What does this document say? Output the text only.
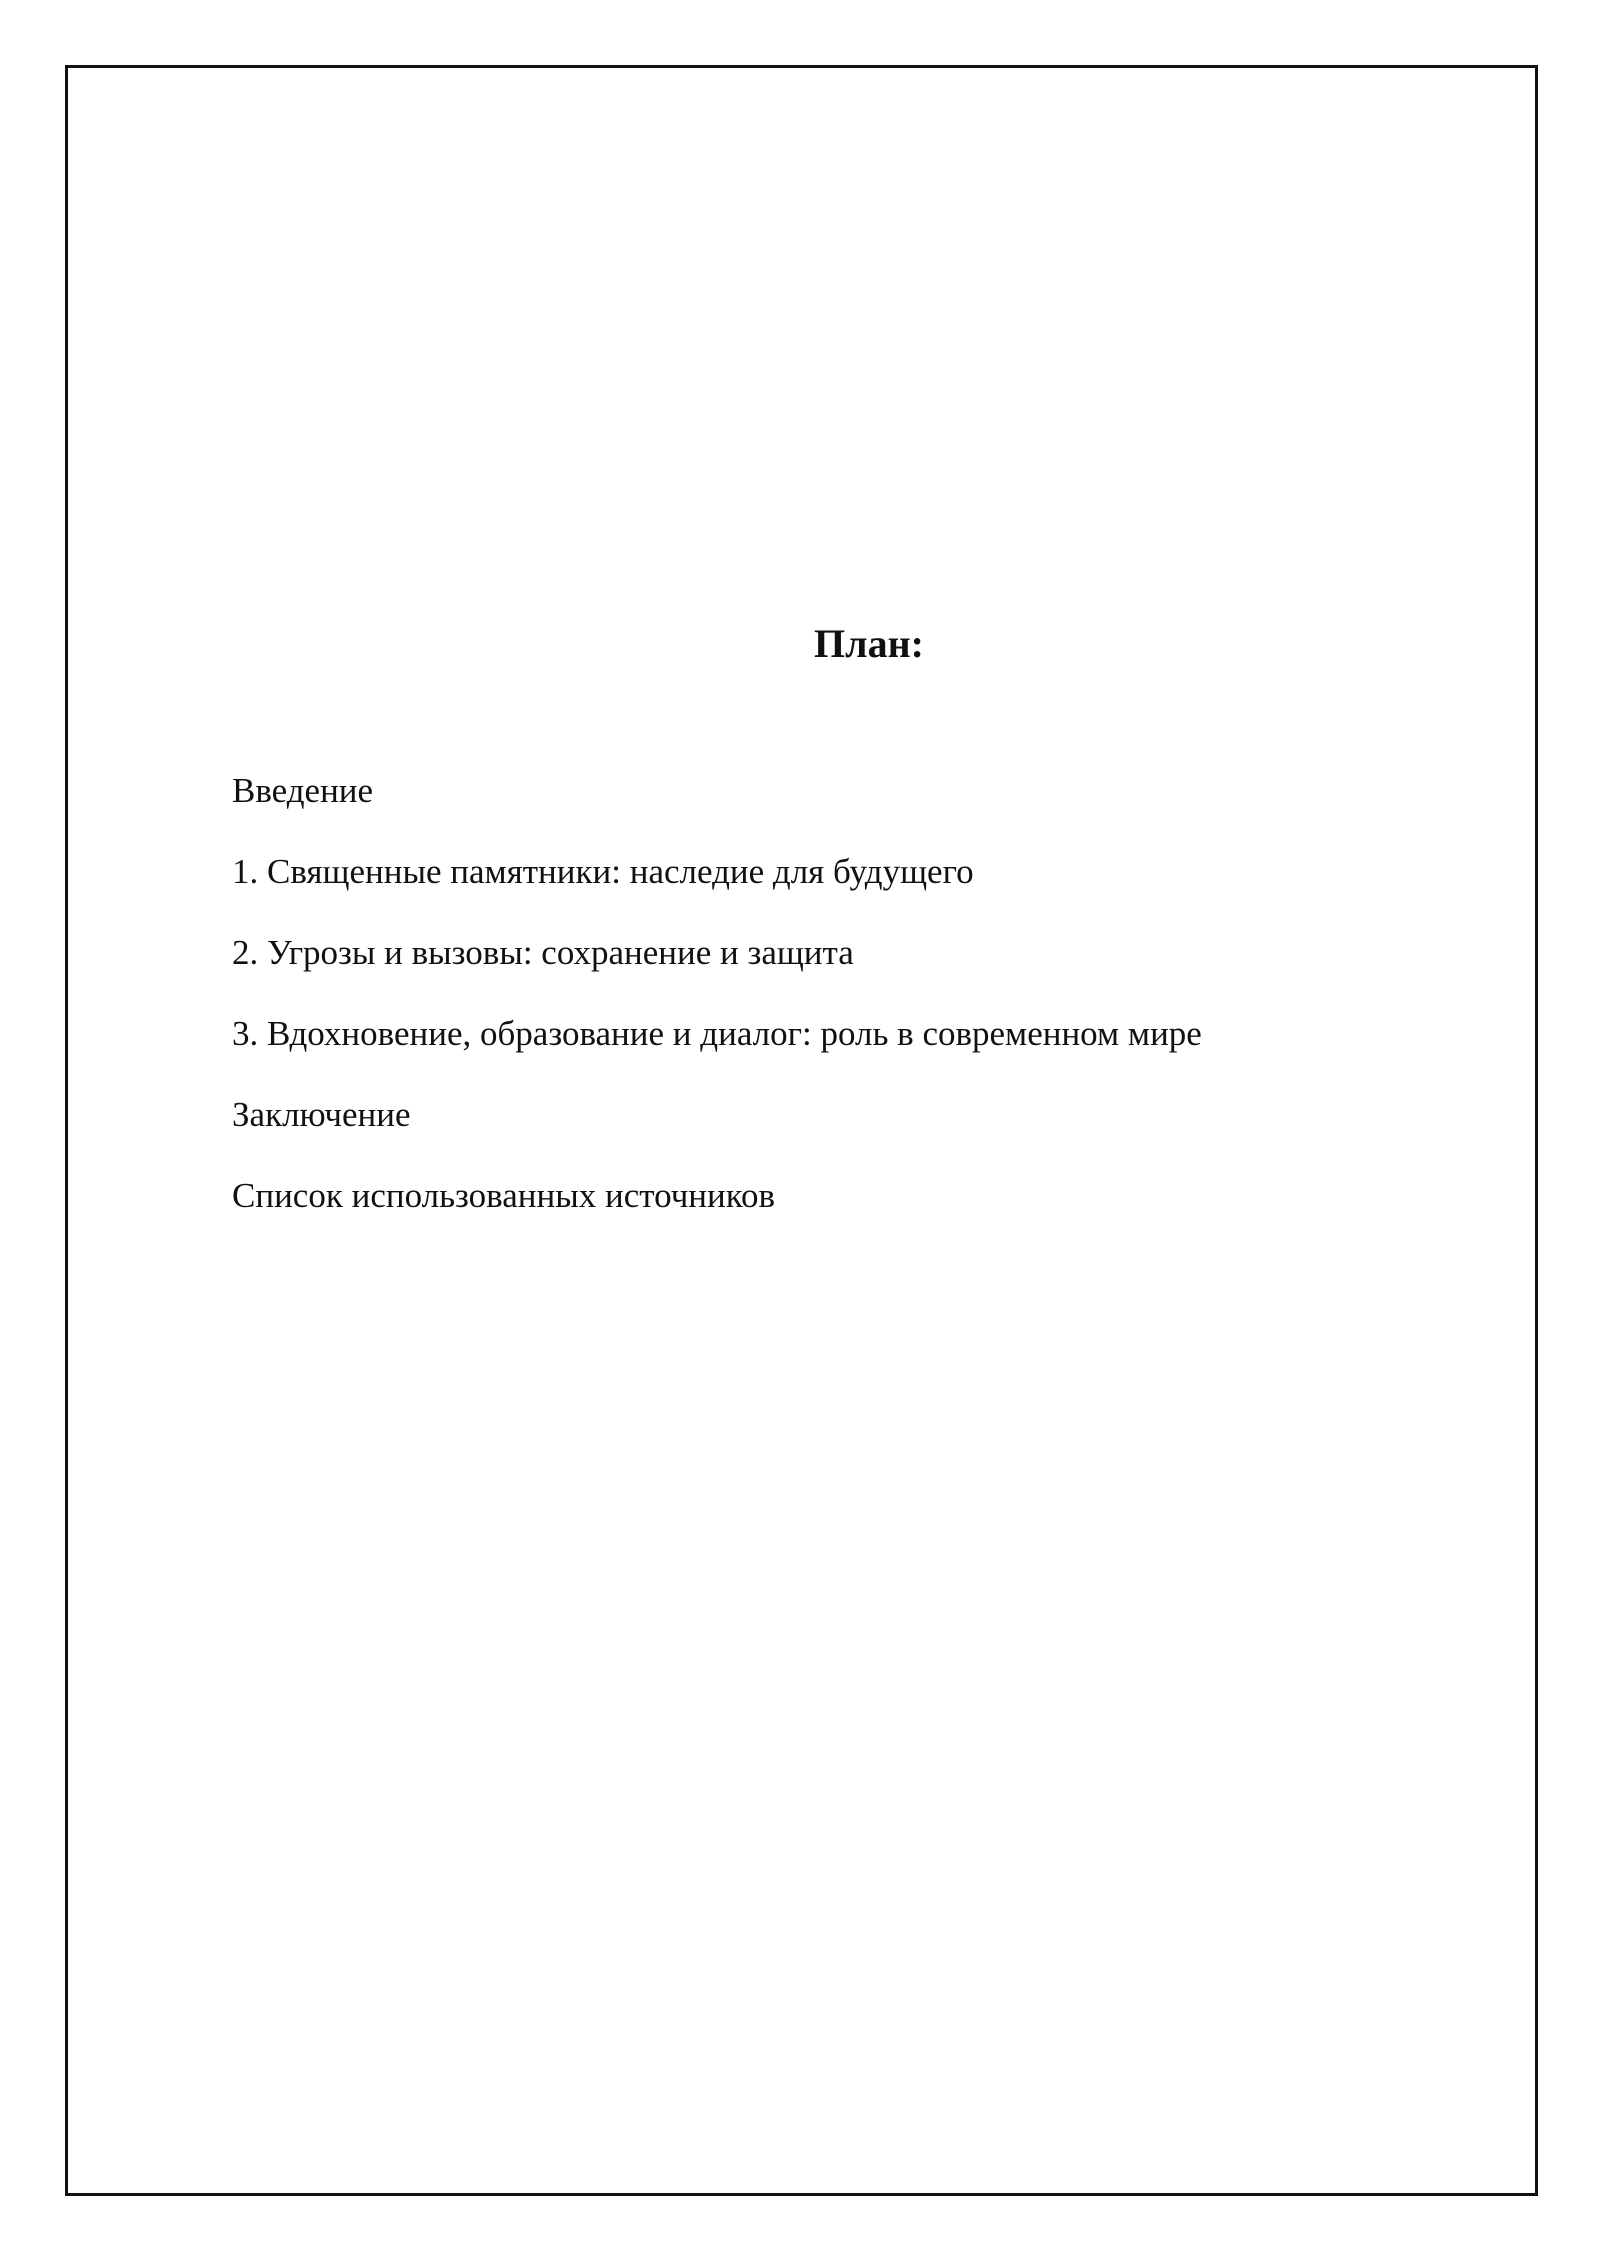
План:
Введение
1. Священные памятники: наследие для будущего
2. Угрозы и вызовы: сохранение и защита
3. Вдохновение, образование и диалог: роль в современном мире
Заключение
Список использованных источников
